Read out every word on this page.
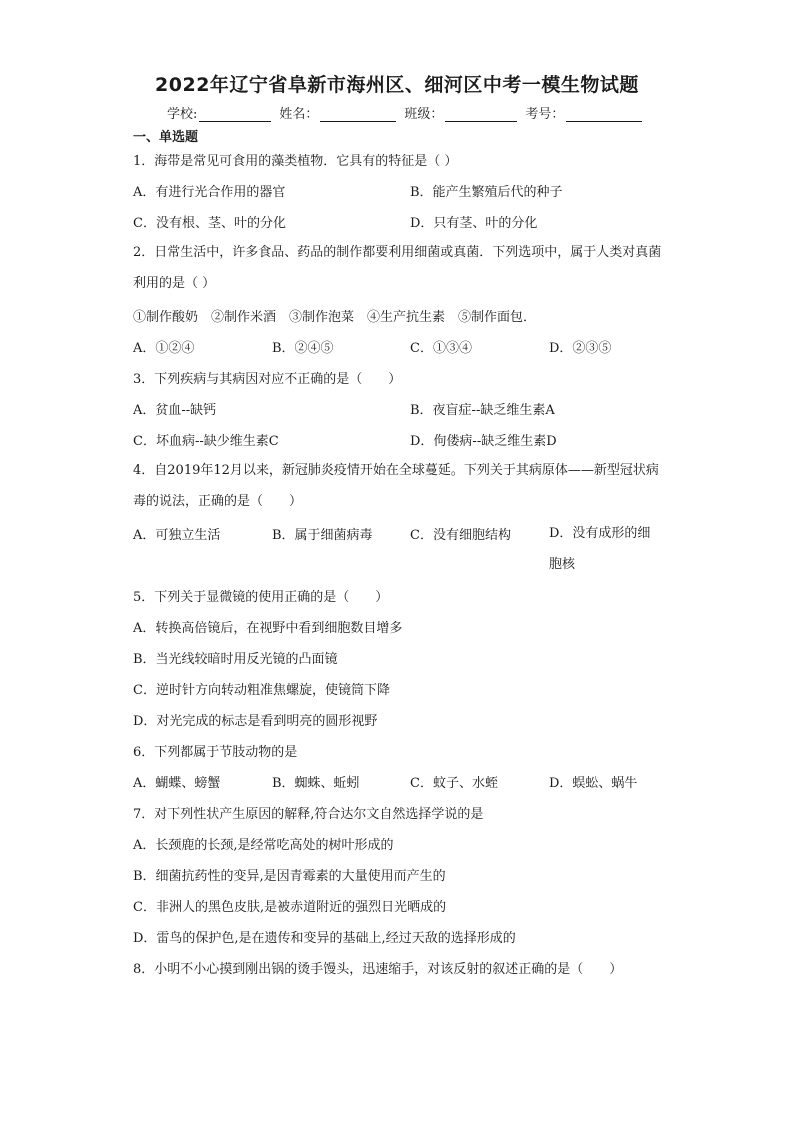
2022年辽宁省阜新市海州区、细河区中考一模生物试题
学校:	姓名：	班级：	考号：
一、单选题
1．海带是常见可食用的藻类植物．它具有的特征是（ ）
A．有进行光合作用的器官	B．能产生繁殖后代的种子
C．没有根、茎、叶的分化	D．只有茎、叶的分化
2．日常生活中，许多食品、药品的制作都要利用细菌或真菌．下列选项中，属于人类对真菌利用的是（ ）
①制作酸奶　②制作米酒　③制作泡菜　④生产抗生素　⑤制作面包．
A．①②④	B．②④⑤	C．①③④	D．②③⑤
3．下列疾病与其病因对应不正确的是（　　）
A．贫血--缺钙	B．夜盲症--缺乏维生素A
C．坏血病--缺少维生素C	D．佝偻病--缺乏维生素D
4．自2019年12月以来，新冠肺炎疫情开始在全球蔓延。下列关于其病原体——新型冠状病毒的说法，正确的是（　　）
A．可独立生活	B．属于细菌病毒	C．没有细胞结构	D．没有成形的细胞核
5．下列关于显微镜的使用正确的是（　　）
A．转换高倍镜后，在视野中看到细胞数目增多
B．当光线较暗时用反光镜的凸面镜
C．逆时针方向转动粗准焦螺旋，使镜筒下降
D．对光完成的标志是看到明亮的圆形视野
6．下列都属于节肢动物的是
A．蝴蝶、螃蟹	B．蜘蛛、蚯蚓	C．蚊子、水蛭	D．蜈蚣、蜗牛
7．对下列性状产生原因的解释,符合达尔文自然选择学说的是
A．长颈鹿的长颈,是经常吃高处的树叶形成的
B．细菌抗药性的变异,是因青霉素的大量使用而产生的
C．非洲人的黑色皮肤,是被赤道附近的强烈日光晒成的
D．雷鸟的保护色,是在遗传和变异的基础上,经过天敌的选择形成的
8．小明不小心摸到刚出锅的烫手馒头，迅速缩手，对该反射的叙述正确的是（　　）
